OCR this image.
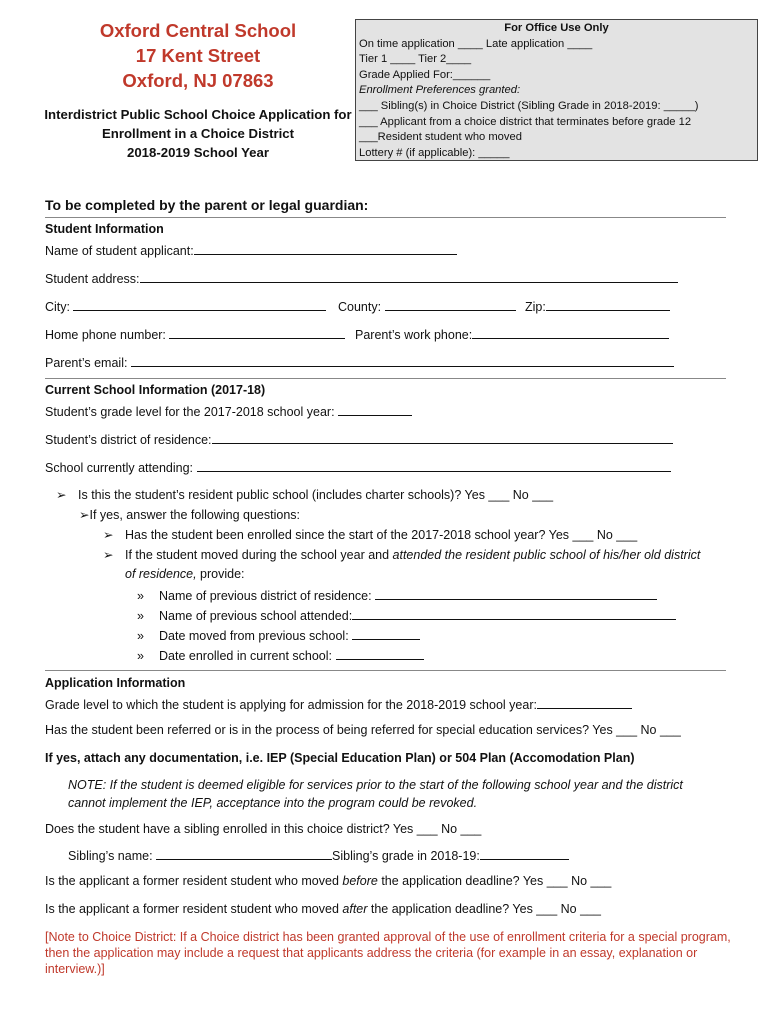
Oxford Central School
17 Kent Street
Oxford, NJ 07863
Interdistrict Public School Choice Application for
Enrollment in a Choice District
2018-2019 School Year
For Office Use Only
On time application ____ Late application ____
Tier 1 ____ Tier 2____
Grade Applied For:______
Enrollment Preferences granted:
___ Sibling(s) in Choice District (Sibling Grade in 2018-2019: _____)
___ Applicant from a choice district that terminates before grade 12
___Resident student who moved
Lottery # (if applicable): _____
To be completed by the parent or legal guardian:
Student Information
Name of student applicant:
Student address:
City:	County:	Zip:
Home phone number:	Parent’s work phone:
Parent’s email:
Current School Information (2017-18)
Student’s grade level for the 2017-2018 school year:
Student’s district of residence:
School currently attending:
➢ Is this the student’s resident public school (includes charter schools)? Yes ___ No ___
➢If yes, answer the following questions:
➢ Has the student been enrolled since the start of the 2017-2018 school year? Yes ___ No ___
➢ If the student moved during the school year and attended the resident public school of his/her old district
of residence, provide:
» Name of previous district of residence:
» Name of previous school attended:
» Date moved from previous school:
» Date enrolled in current school:
Application Information
Grade level to which the student is applying for admission for the 2018-2019 school year:
Has the student been referred or is in the process of being referred for special education services? Yes ___ No ___
If yes, attach any documentation, i.e. IEP (Special Education Plan) or 504 Plan (Accomodation Plan)
NOTE: If the student is deemed eligible for services prior to the start of the following school year and the district
cannot implement the IEP, acceptance into the program could be revoked.
Does the student have a sibling enrolled in this choice district? Yes ___ No ___
Sibling’s name:	Sibling’s grade in 2018-19:
Is the applicant a former resident student who moved before the application deadline? Yes ___ No ___
Is the applicant a former resident student who moved after the application deadline? Yes ___ No ___
[Note to Choice District: If a Choice district has been granted approval of the use of enrollment criteria for a special program,
then the application may include a request that applicants address the criteria (for example in an essay, explanation or
interview.)]
